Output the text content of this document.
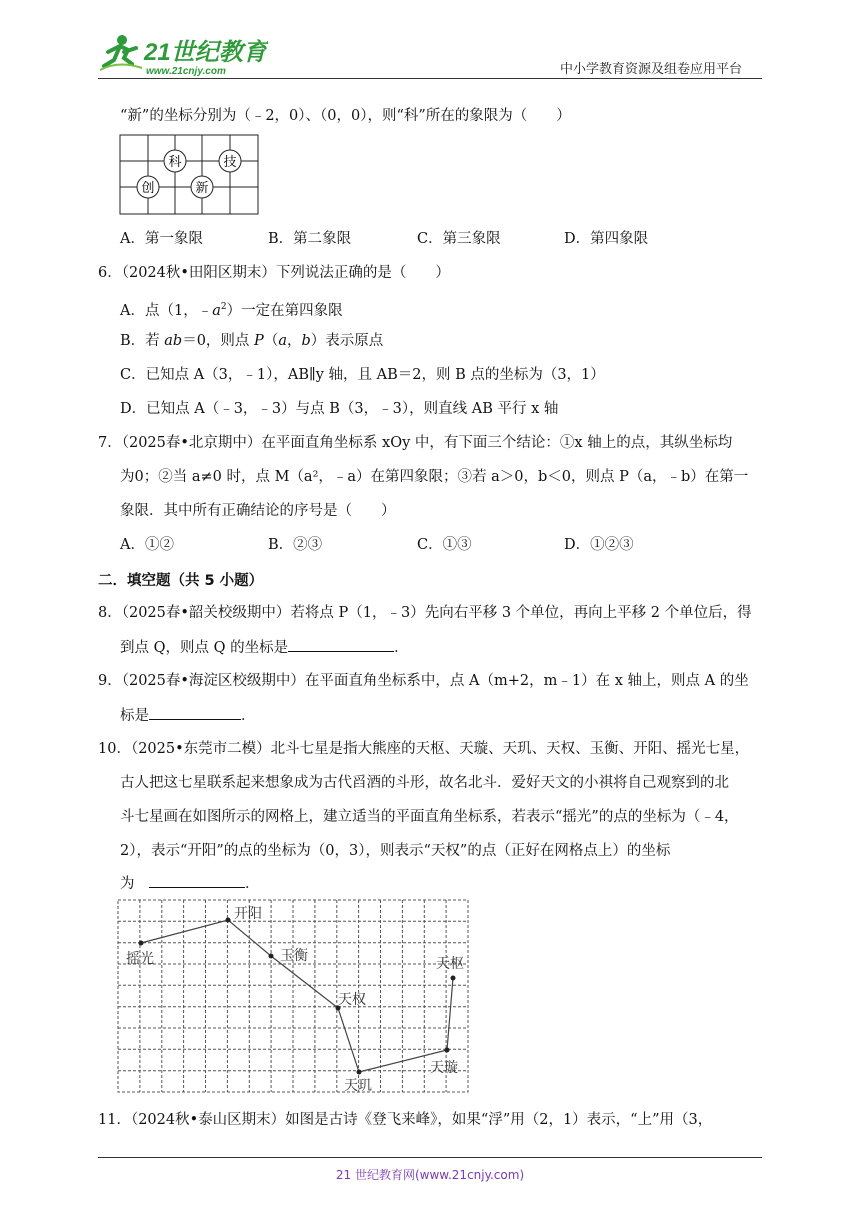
21世纪教育
www.21cnjy.com	中小学教育资源及组卷应用平台
“新”的坐标分别为（﹣2，0）、（0，0），则“科”所在的象限为（　　）
科	技
创	新
A．第一象限	B．第二象限	C．第三象限	D．第四象限
6．（2024秋•田阳区期末）下列说法正确的是（　　）
A．点（1，$﹣a^2$）一定在第四象限
B．若 ab＝0，则点 P（a，b）表示原点
C．已知点 A（3，﹣1），AB∥y 轴，且 AB＝2，则 B 点的坐标为（3，1）
D．已知点 A（﹣3，﹣3）与点 B（3，﹣3），则直线 AB 平行 x 轴
7．（2025春•北京期中）在平面直角坐标系 xOy 中，有下面三个结论：①x 轴上的点，其纵坐标均
为0；②当 a≠0 时，点 M（a²，﹣a）在第四象限；③若 a＞0，b＜0，则点 P（a，﹣b）在第一
象限．其中所有正确结论的序号是（　　）
A．①②	B．②③	C．①③	D．①②③
二．填空题（共 5 小题）
8．（2025春•韶关校级期中）若将点 P（1，﹣3）先向右平移 3 个单位，再向上平移 2 个单位后，得
到点 Q，则点 Q 的坐标是	．
9．（2025春•海淀区校级期中）在平面直角坐标系中，点 A（m+2，m﹣1）在 x 轴上，则点 A 的坐
标是	．
10．（2025•东莞市二模）北斗七星是指大熊座的天枢、天璇、天玑、天权、玉衡、开阳、摇光七星，
古人把这七星联系起来想象成为古代舀酒的斗形，故名北斗．爱好天文的小祺将自己观察到的北
斗七星画在如图所示的网格上，建立适当的平面直角坐标系，若表示“摇光”的点的坐标为（﹣4，
2），表示“开阳”的点的坐标为（0，3），则表示“天权”的点（正好在网格点上）的坐标
为　	．
开阳
摇光	玉衡
天权
天枢
天璇
天玑
11．（2024秋•泰山区期末）如图是古诗《登飞来峰》，如果“浮”用（2，1）表示，“上”用（3，
21 世纪教育网(www.21cnjy.com)
